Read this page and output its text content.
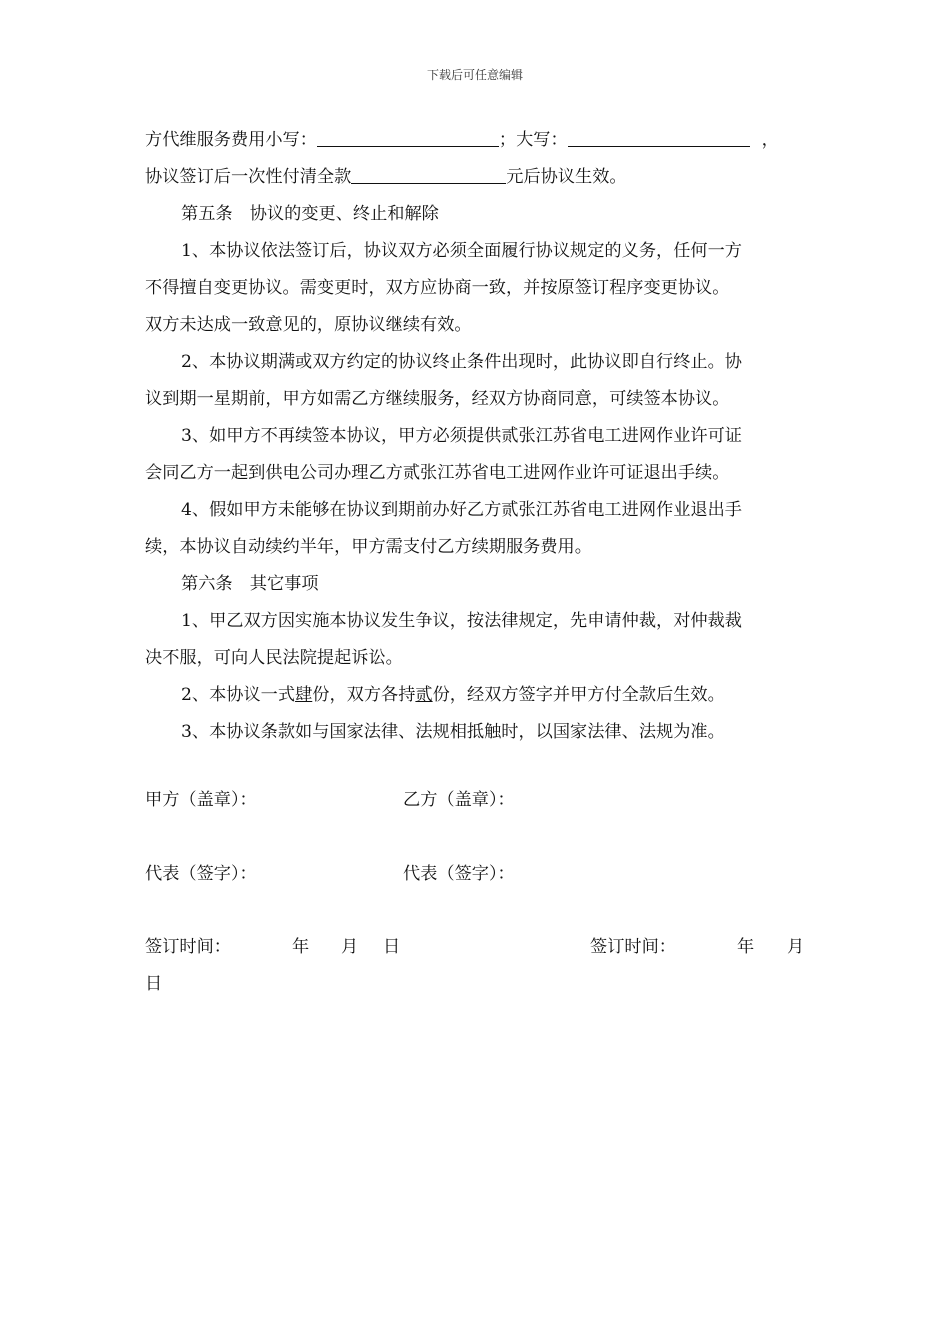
下载后可任意编辑
方代维服务费用小写：	；大写：	，
协议签订后一次性付清全款	元后协议生效。
第五条　协议的变更、终止和解除
1、本协议依法签订后，协议双方必须全面履行协议规定的义务，任何一方
不得擅自变更协议。需变更时，双方应协商一致，并按原签订程序变更协议。
双方未达成一致意见的，原协议继续有效。
2、本协议期满或双方约定的协议终止条件出现时，此协议即自行终止。协
议到期一星期前，甲方如需乙方继续服务，经双方协商同意，可续签本协议。
3、如甲方不再续签本协议，甲方必须提供贰张江苏省电工进网作业许可证
会同乙方一起到供电公司办理乙方贰张江苏省电工进网作业许可证退出手续。
4、假如甲方未能够在协议到期前办好乙方贰张江苏省电工进网作业退出手
续，本协议自动续约半年，甲方需支付乙方续期服务费用。
第六条　其它事项
1、甲乙双方因实施本协议发生争议，按法律规定，先申请仲裁，对仲裁裁
决不服，可向人民法院提起诉讼。
2、本协议一式肆份，双方各持贰份，经双方签字并甲方付全款后生效。
3、本协议条款如与国家法律、法规相抵触时，以国家法律、法规为准。
甲方（盖章）：	乙方（盖章）：
代表（签字）：	代表（签字）：
签订时间：	年 月 日	签订时间：	年 月
日
